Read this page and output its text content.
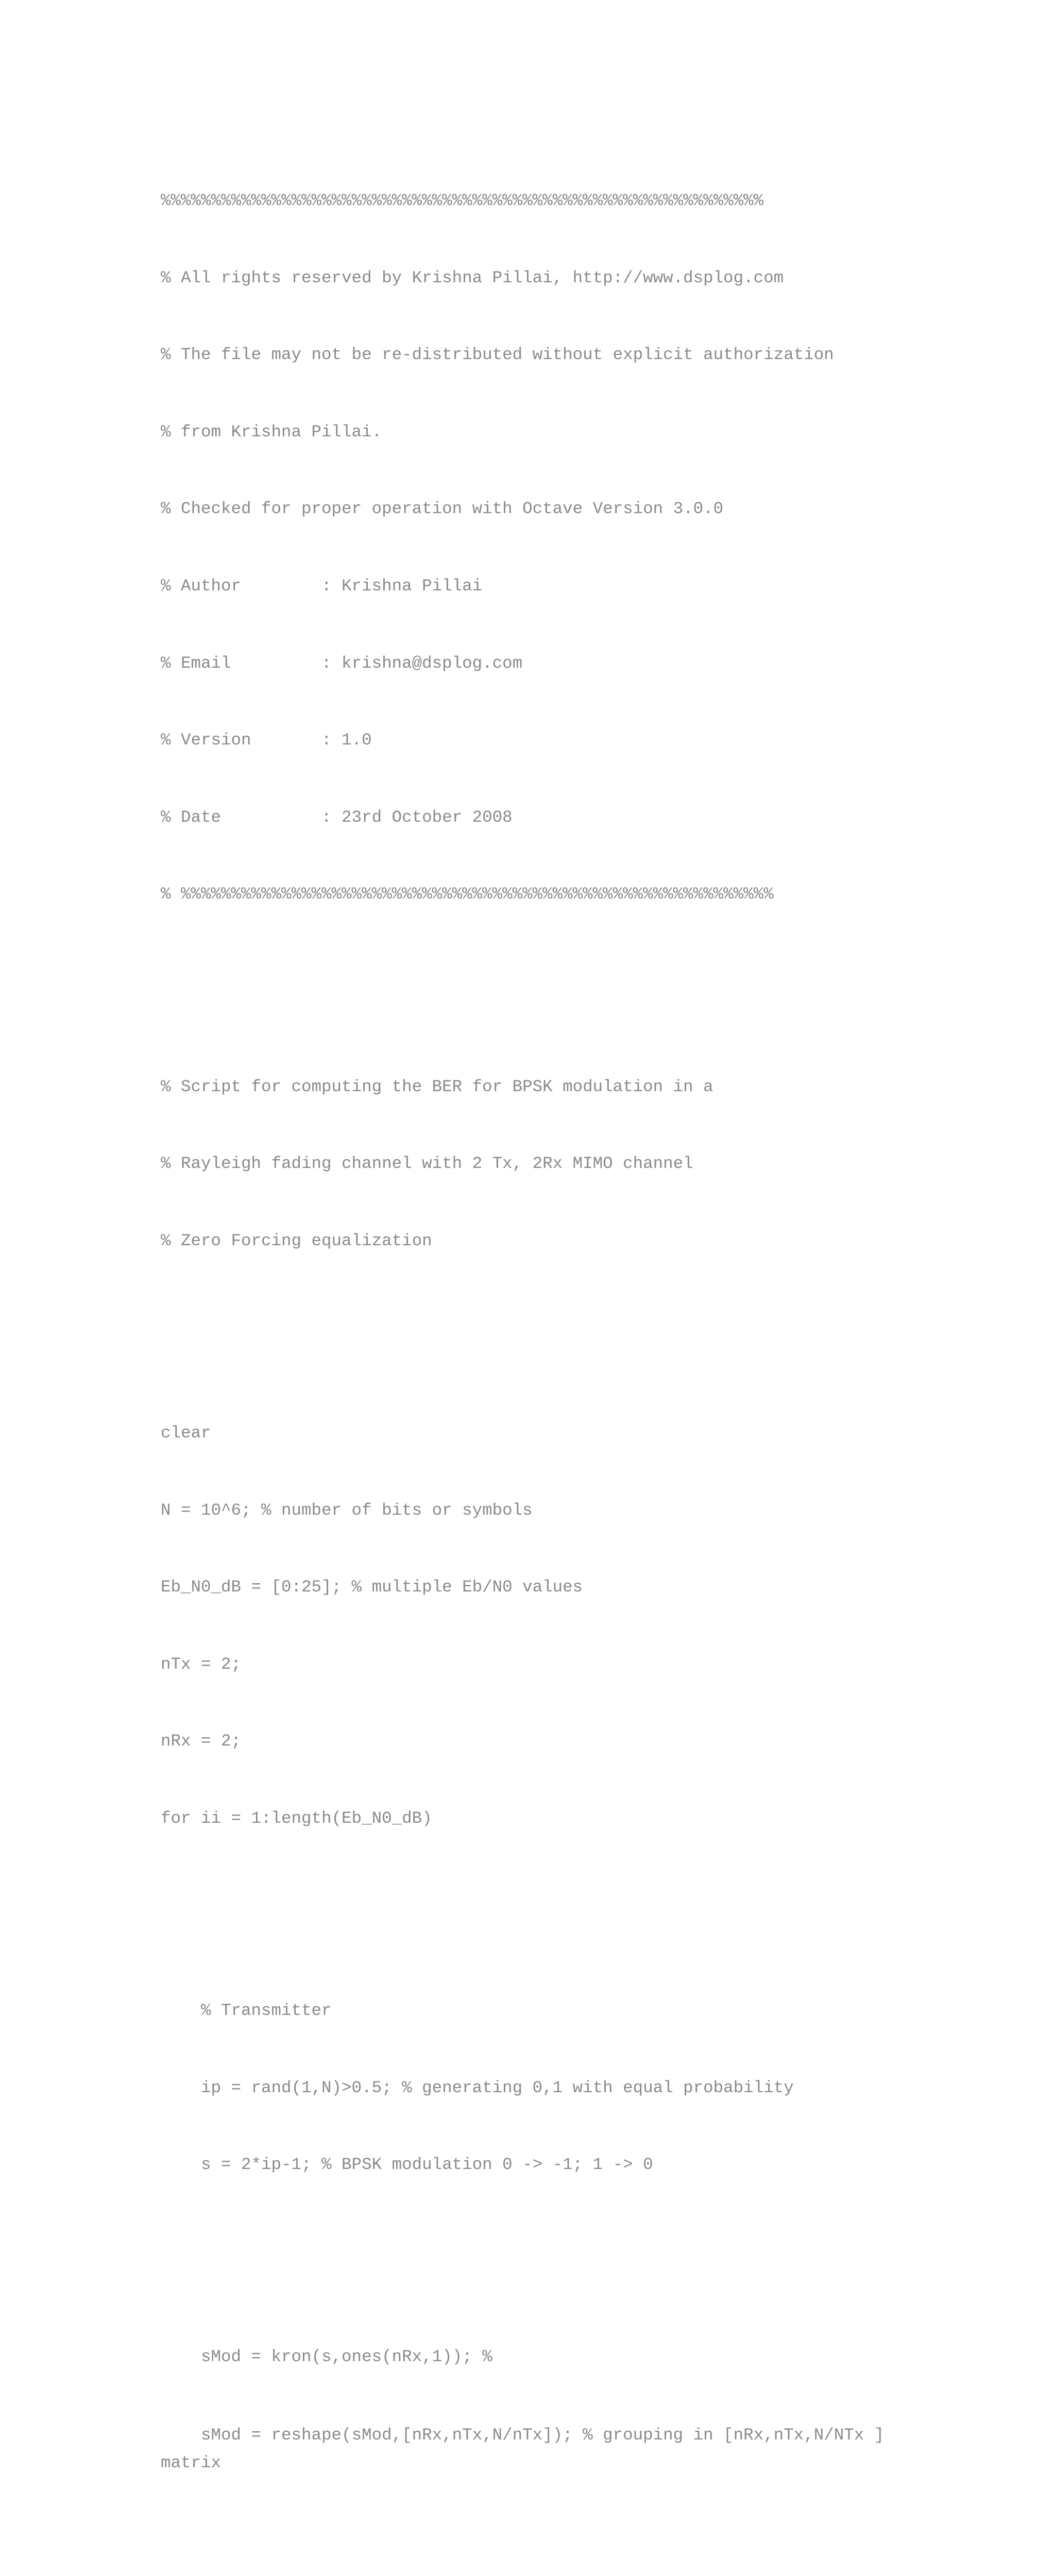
%%%%%%%%%%%%%%%%%%%%%%%%%%%%%%%%%%%%%%%%%%%%%%%%%%%%%%%%%%%%

% All rights reserved by Krishna Pillai, http://www.dsplog.com

% The file may not be re-distributed without explicit authorization

% from Krishna Pillai.

% Checked for proper operation with Octave Version 3.0.0

% Author        : Krishna Pillai

% Email         : krishna@dsplog.com

% Version       : 1.0

% Date          : 23rd October 2008

% %%%%%%%%%%%%%%%%%%%%%%%%%%%%%%%%%%%%%%%%%%%%%%%%%%%%%%%%%%%

% Script for computing the BER for BPSK modulation in a

% Rayleigh fading channel with 2 Tx, 2Rx MIMO channel

% Zero Forcing equalization

clear

N = 10^6; % number of bits or symbols

Eb_N0_dB = [0:25]; % multiple Eb/N0 values

nTx = 2;

nRx = 2;

for ii = 1:length(Eb_N0_dB)

% Transmitter

ip = rand(1,N)>0.5; % generating 0,1 with equal probability

s = 2*ip-1; % BPSK modulation 0 -> -1; 1 -> 0

sMod = kron(s,ones(nRx,1)); %

sMod = reshape(sMod,[nRx,nTx,N/nTx]); % grouping in [nRx,nTx,N/NTx ] matrix
